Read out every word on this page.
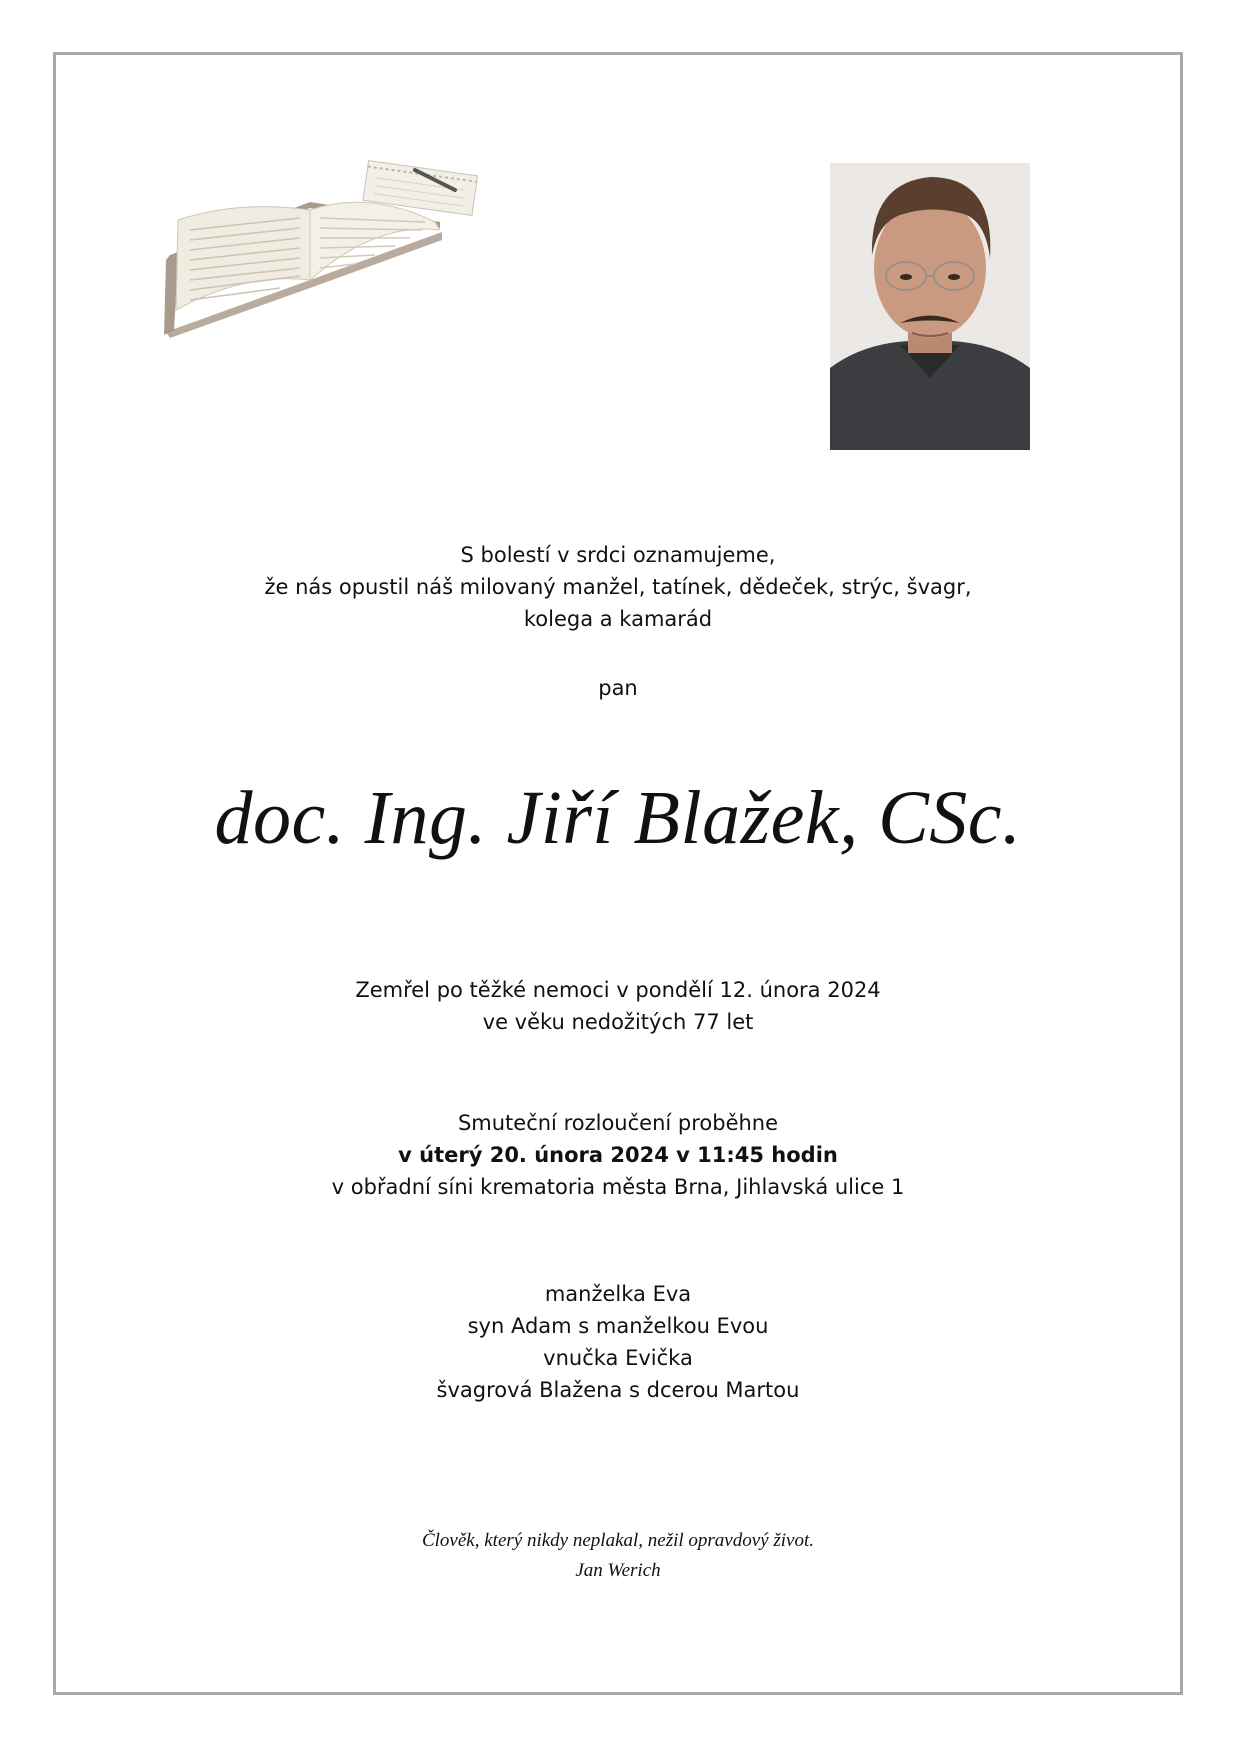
S bolestí v srdci oznamujeme,
že nás opustil náš milovaný manžel, tatínek, dědeček, strýc, švagr,
kolega a kamarád
pan
doc. Ing. Jiří Blažek, CSc.
Zemřel po těžké nemoci v pondělí 12. února 2024
ve věku nedožitých 77 let
Smuteční rozloučení proběhne
v úterý 20. února 2024 v 11:45 hodin
v obřadní síni krematoria města Brna, Jihlavská ulice 1
manželka Eva
syn Adam s manželkou Evou
vnučka Evička
švagrová Blažena s dcerou Martou
Člověk, který nikdy neplakal, nežil opravdový život.
Jan Werich
